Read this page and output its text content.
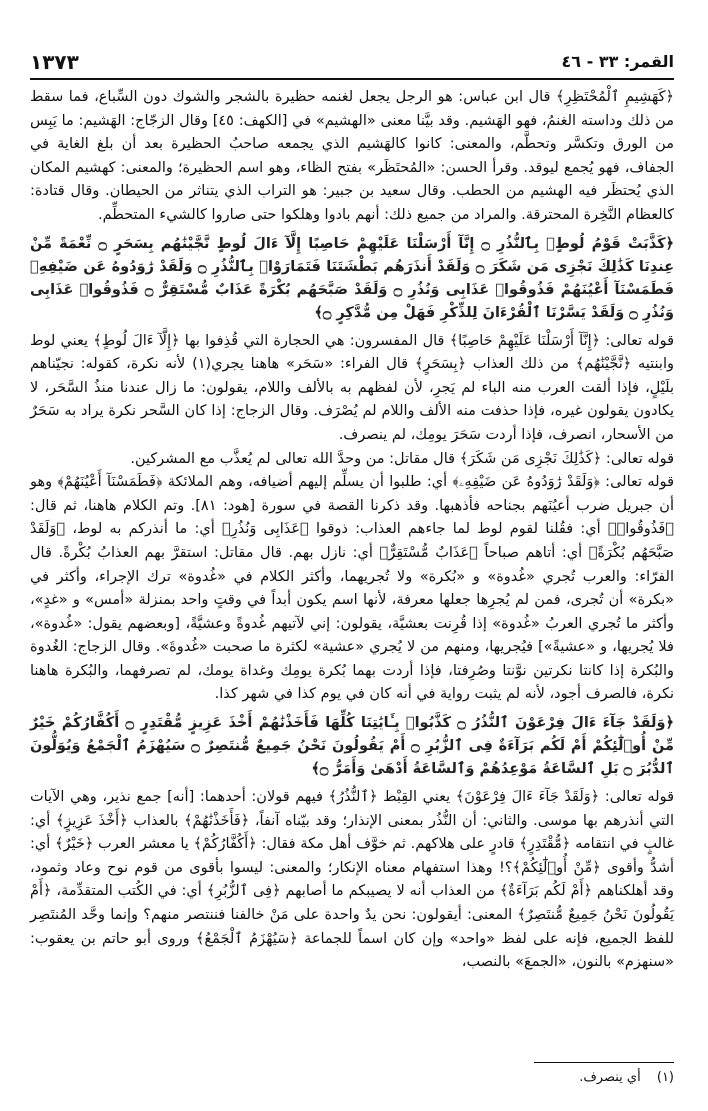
القمر: ٣٣ - ٤٦
١٣٧٣

﴿كَهَشِيمِ ٱلْمُحْتَظِرِ﴾ قال ابن عباس: هو الرجل يجعل لغنمه حظيرة بالشجر والشوك دون السِّباع، فما سقط من ذلك وداسته الغنمُ، فهو الهَشيم. وقد بيَّنا معنى «الهشيم» في [الكهف: ٤٥] وقال الزجّاج: الهَشيم: ما يَبِس من الورق وتكسَّر وتحطَّم، والمعنى: كانوا كالهَشيم الذي يجمعه صاحبُ الحظيرة بعد أن بلغ الغاية في الجفاف، فهو يُجمع ليوقد. وقرأ الحسن: «المُحتَظَر» بفتح الظاء، وهو اسم الحظيرة؛ والمعنى: كهشيم المكان الذي يُحتظَر فيه الهشيم من الحطب. وقال سعيد بن جبير: هو التراب الذي يتناثر من الحيطان. وقال قتادة: كالعظام النَّخِرة المحترقة. والمراد من جميع ذلك: أنهم بادوا وهلكوا حتى صاروا كالشيء المتحطِّم.

﴿كَذَّبَتْ قَوْمُ لُوطٍۭ بِٱلنُّذُرِ ۝ إِنَّآ أَرْسَلْنَا عَلَيْهِمْ حَاصِبًا إِلَّآ ءَالَ لُوطٍ نَّجَّيْنَٰهُم بِسَحَرٍ ۝ نِّعْمَةً مِّنْ عِندِنَا كَذَٰلِكَ نَجْزِى مَن شَكَرَ ۝ وَلَقَدْ أَنذَرَهُم بَطْشَتَنَا فَتَمَارَوْا۟ بِٱلنُّذُرِ ۝ وَلَقَدْ رَٰوَدُوهُ عَن ضَيْفِهِۦ فَطَمَسْنَآ أَعْيُنَهُمْ فَذُوقُوا۟ عَذَابِى وَنُذُرِ ۝ وَلَقَدْ صَبَّحَهُم بُكْرَةً عَذَابٌ مُّسْتَقِرٌّ ۝ فَذُوقُوا۟ عَذَابِى وَنُذُرِ ۝ وَلَقَدْ يَسَّرْنَا ٱلْقُرْءَانَ لِلذِّكْرِ فَهَلْ مِن مُّدَّكِرٍ ۝﴾

قوله تعالى: ﴿إِنَّآ أَرْسَلْنَا عَلَيْهِمْ حَاصِبًا﴾ قال المفسرون: هي الحجارة التي قُذِفوا بها ﴿إِلَّآ ءَالَ لُوطٍ﴾ يعني لوط وابنتيه ﴿نَّجَّيْنَٰهُم﴾ من ذلك العذاب ﴿بِسَحَرٍ﴾ قال الفراء: «سَحَر» هاهنا يجري(١) لأنه نكرة، كقوله: نجيّناهم بلَيْلٍ، فإذا ألقت العرب منه الباء لم يَجرِ، لأن لفظهم به بالألف واللام، يقولون: ما زال عندنا منذُ السَّحَر، لا يكادون يقولون غيره، فإذا حذفت منه الألف واللام لم يُصْرَف. وقال الزجاج: إذا كان السَّحر نكرة يراد به سَحَرٌ من الأسحار، انصرف، فإذا أردت سَحَرَ يومِك، لم ينصرف.

قوله تعالى: ﴿كَذَٰلِكَ نَجْزِى مَن شَكَرَ﴾ قال مقاتل: من وحدَّ الله تعالى لم يُعذَّب مع المشركين.

قوله تعالى: ﴿وَلَقَدْ رَٰوَدُوهُ عَن ضَيْفِهِۦ﴾ أي: طلبوا أن يسلِّم إليهم أضيافه، وهم الملائكة ﴿فَطَمَسْنَآ أَعْيُنَهُمْ﴾ وهو أن جبريل ضرب أعيُنَهم بجناحه فأذهبها. وقد ذكرنا القصة في سورة [هود: ٨١]. وتم الكلام هاهنا، ثم قال: ﴿فَذُوقُوا۟﴾ أي: فقُلنا لقوم لوط لما جاءهم العذاب: ذوقوا ﴿عَذَابِى وَنُذُرِ﴾ أي: ما أنذركم به لوط، ﴿وَلَقَدْ صَبَّحَهُم بُكْرَةً﴾ أي: أتاهم صباحاً ﴿عَذَابٌ مُّسْتَقِرٌّ﴾ أي: نازل بهم. قال مقاتل: استقرَّ بهم العذابُ بُكْرةً. قال الفرّاء: والعرب تُجري «غُدوة» و «بُكرة» ولا تُجريهما، وأكثر الكلام في «غُدوة» ترك الإجراء، وأكثر في «بكرة» أن تُجرى، فمن لم يُجرِها جعلها معرفة، لأنها اسم يكون أبداً في وقتٍ واحد بمنزلة «أمس» و «غدٍ»، وأكثر ما تُجري العربُ «غُدوة» إذا قُرِنت بعشيَّة، يقولون: إني لآتيهم غُدوةً وعشيَّةً، [وبعضهم يقول: «غُدوة»، فلا يُجريها، و «عشيةً»] فيُجريها، ومنهم من لا يُجري «عشية» لكثرة ما صحبت «غُدوةَ». وقال الزجاج: الغُدوة والبُكرة إذا كانتا نكرتين نوَّنتا وصُرِفتا، فإذا أردت بهما بُكرة يومِك وغداة يومك، لم تصرفهما، والبُكرة هاهنا نكرة، فالصرف أجود، لأنه لم يثبت رواية في أنه كان في يوم كذا في شهر كذا.

﴿وَلَقَدْ جَآءَ ءَالَ فِرْعَوْنَ ٱلنُّذُرُ ۝ كَذَّبُوا۟ بِـَٔايَٰتِنَا كُلِّهَا فَأَخَذْنَٰهُمْ أَخْذَ عَزِيزٍ مُّقْتَدِرٍ ۝ أَكُفَّارُكُمْ خَيْرٌ مِّنْ أُو۟لَٰٓئِكُمْ أَمْ لَكُم بَرَآءَةٌ فِى ٱلزُّبُرِ ۝ أَمْ يَقُولُونَ نَحْنُ جَمِيعٌ مُّنتَصِرٌ ۝ سَيُهْزَمُ ٱلْجَمْعُ وَيُوَلُّونَ ٱلدُّبُرَ ۝ بَلِ ٱلسَّاعَةُ مَوْعِدُهُمْ وَٱلسَّاعَةُ أَدْهَىٰ وَأَمَرُّ ۝﴾

قوله تعالى: ﴿وَلَقَدْ جَآءَ ءَالَ فِرْعَوْنَ﴾ يعني القِبْط ﴿ٱلنُّذُرُ﴾ فيهم قولان: أحدهما: [أنه] جمع نذير، وهي الآيات التي أنذرهم بها موسى. والثاني: أن النُّذُر بمعنى الإنذار؛ وقد بيّناه آنفاً، ﴿فَأَخَذْنَٰهُمْ﴾ بالعذاب ﴿أَخْذَ عَزِيزٍ﴾ أي: غالبٍ في انتقامه ﴿مُّقْتَدِرٍ﴾ قادرٍ على هلاكهم. ثم خوَّف أهل مكة فقال: ﴿أَكُفَّارُكُمْ﴾ يا معشر العرب ﴿خَيْرٌ﴾ أي: أشدُّ وأقوى ﴿مِّنْ أُو۟لَٰٓئِكُمْ﴾؟! وهذا استفهام معناه الإنكار؛ والمعنى: ليسوا بأقوى من قوم نوح وعاد وثمود، وقد أهلكناهم ﴿أَمْ لَكُم بَرَآءَةٌ﴾ من العذاب أنه لا يصيبكم ما أصابهم ﴿فِى ٱلزُّبُرِ﴾ أي: في الكُتب المتقدِّمة، ﴿أَمْ يَقُولُونَ نَحْنُ جَمِيعٌ مُّنتَصِرٌ﴾ المعنى: أيقولون: نحن يدٌ واحدة على مَنْ خالفنا فننتصر منهم؟ وإنما وحَّد المُنتَصِر للفظ الجميع، فإنه على لفظ «واحد» وإن كان اسماً للجماعة ﴿سَيُهْزَمُ ٱلْجَمْعُ﴾ وروى أبو حاتم بن يعقوب: «سنهزم» بالنون، «الجمعَ» بالنصب،

(١) أي ينصرف.
